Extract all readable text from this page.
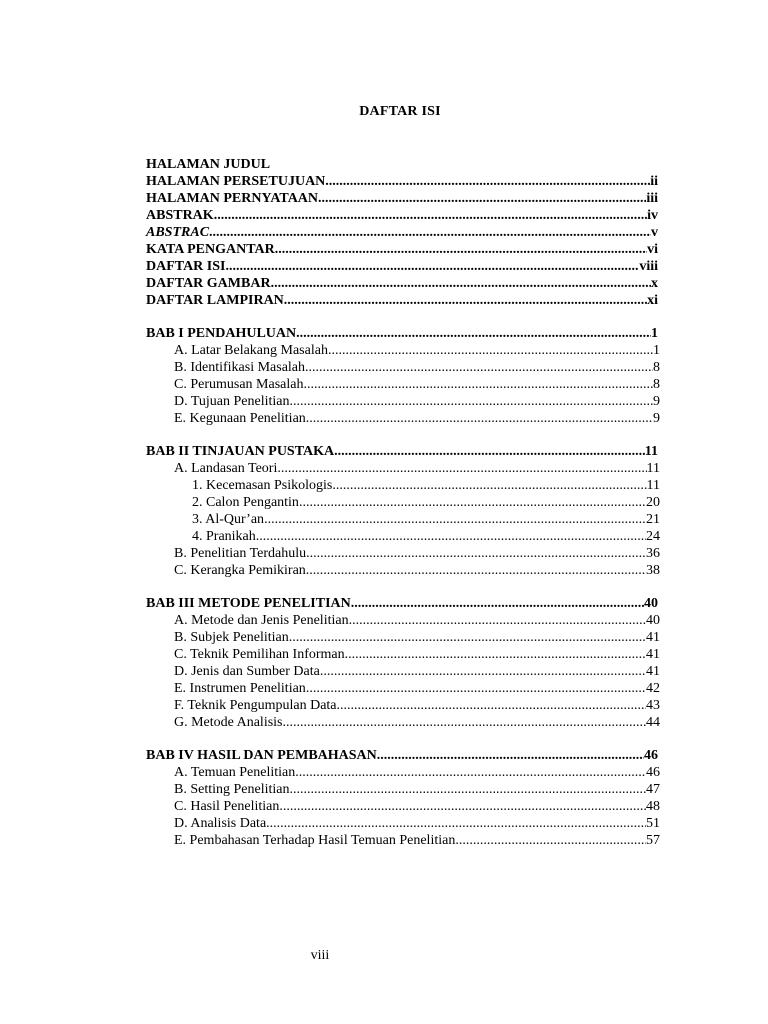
DAFTAR ISI
HALAMAN JUDUL
HALAMAN PERSETUJUAN .....	ii
HALAMAN PERNYATAAN .....	iii
ABSTRAK .....	iv
ABSTRAC .....	v
KATA PENGANTAR .....	vi
DAFTAR ISI .....	viii
DAFTAR GAMBAR .....	x
DAFTAR LAMPIRAN .....	xi
BAB I PENDAHULUAN .....	1
A. Latar Belakang Masalah .....	1
B. Identifikasi Masalah .....	8
C. Perumusan Masalah .....	8
D. Tujuan Penelitian .....	9
E. Kegunaan Penelitian .....	9
BAB II TINJAUAN PUSTAKA .....	11
A. Landasan Teori .....	11
1. Kecemasan Psikologis .....	11
2. Calon Pengantin .....	20
3. Al-Qur’an .....	21
4. Pranikah .....	24
B. Penelitian Terdahulu .....	36
C. Kerangka Pemikiran .....	38
BAB III METODE PENELITIAN .....	40
A. Metode dan Jenis Penelitian .....	40
B. Subjek Penelitian .....	41
C. Teknik Pemilihan Informan .....	41
D. Jenis dan Sumber Data .....	41
E. Instrumen Penelitian .....	42
F. Teknik Pengumpulan Data .....	43
G. Metode Analisis .....	44
BAB IV HASIL DAN PEMBAHASAN .....	46
A. Temuan Penelitian .....	46
B. Setting Penelitian .....	47
C. Hasil Penelitian .....	48
D. Analisis Data .....	51
E. Pembahasan Terhadap Hasil Temuan Penelitian .....	57
viii
